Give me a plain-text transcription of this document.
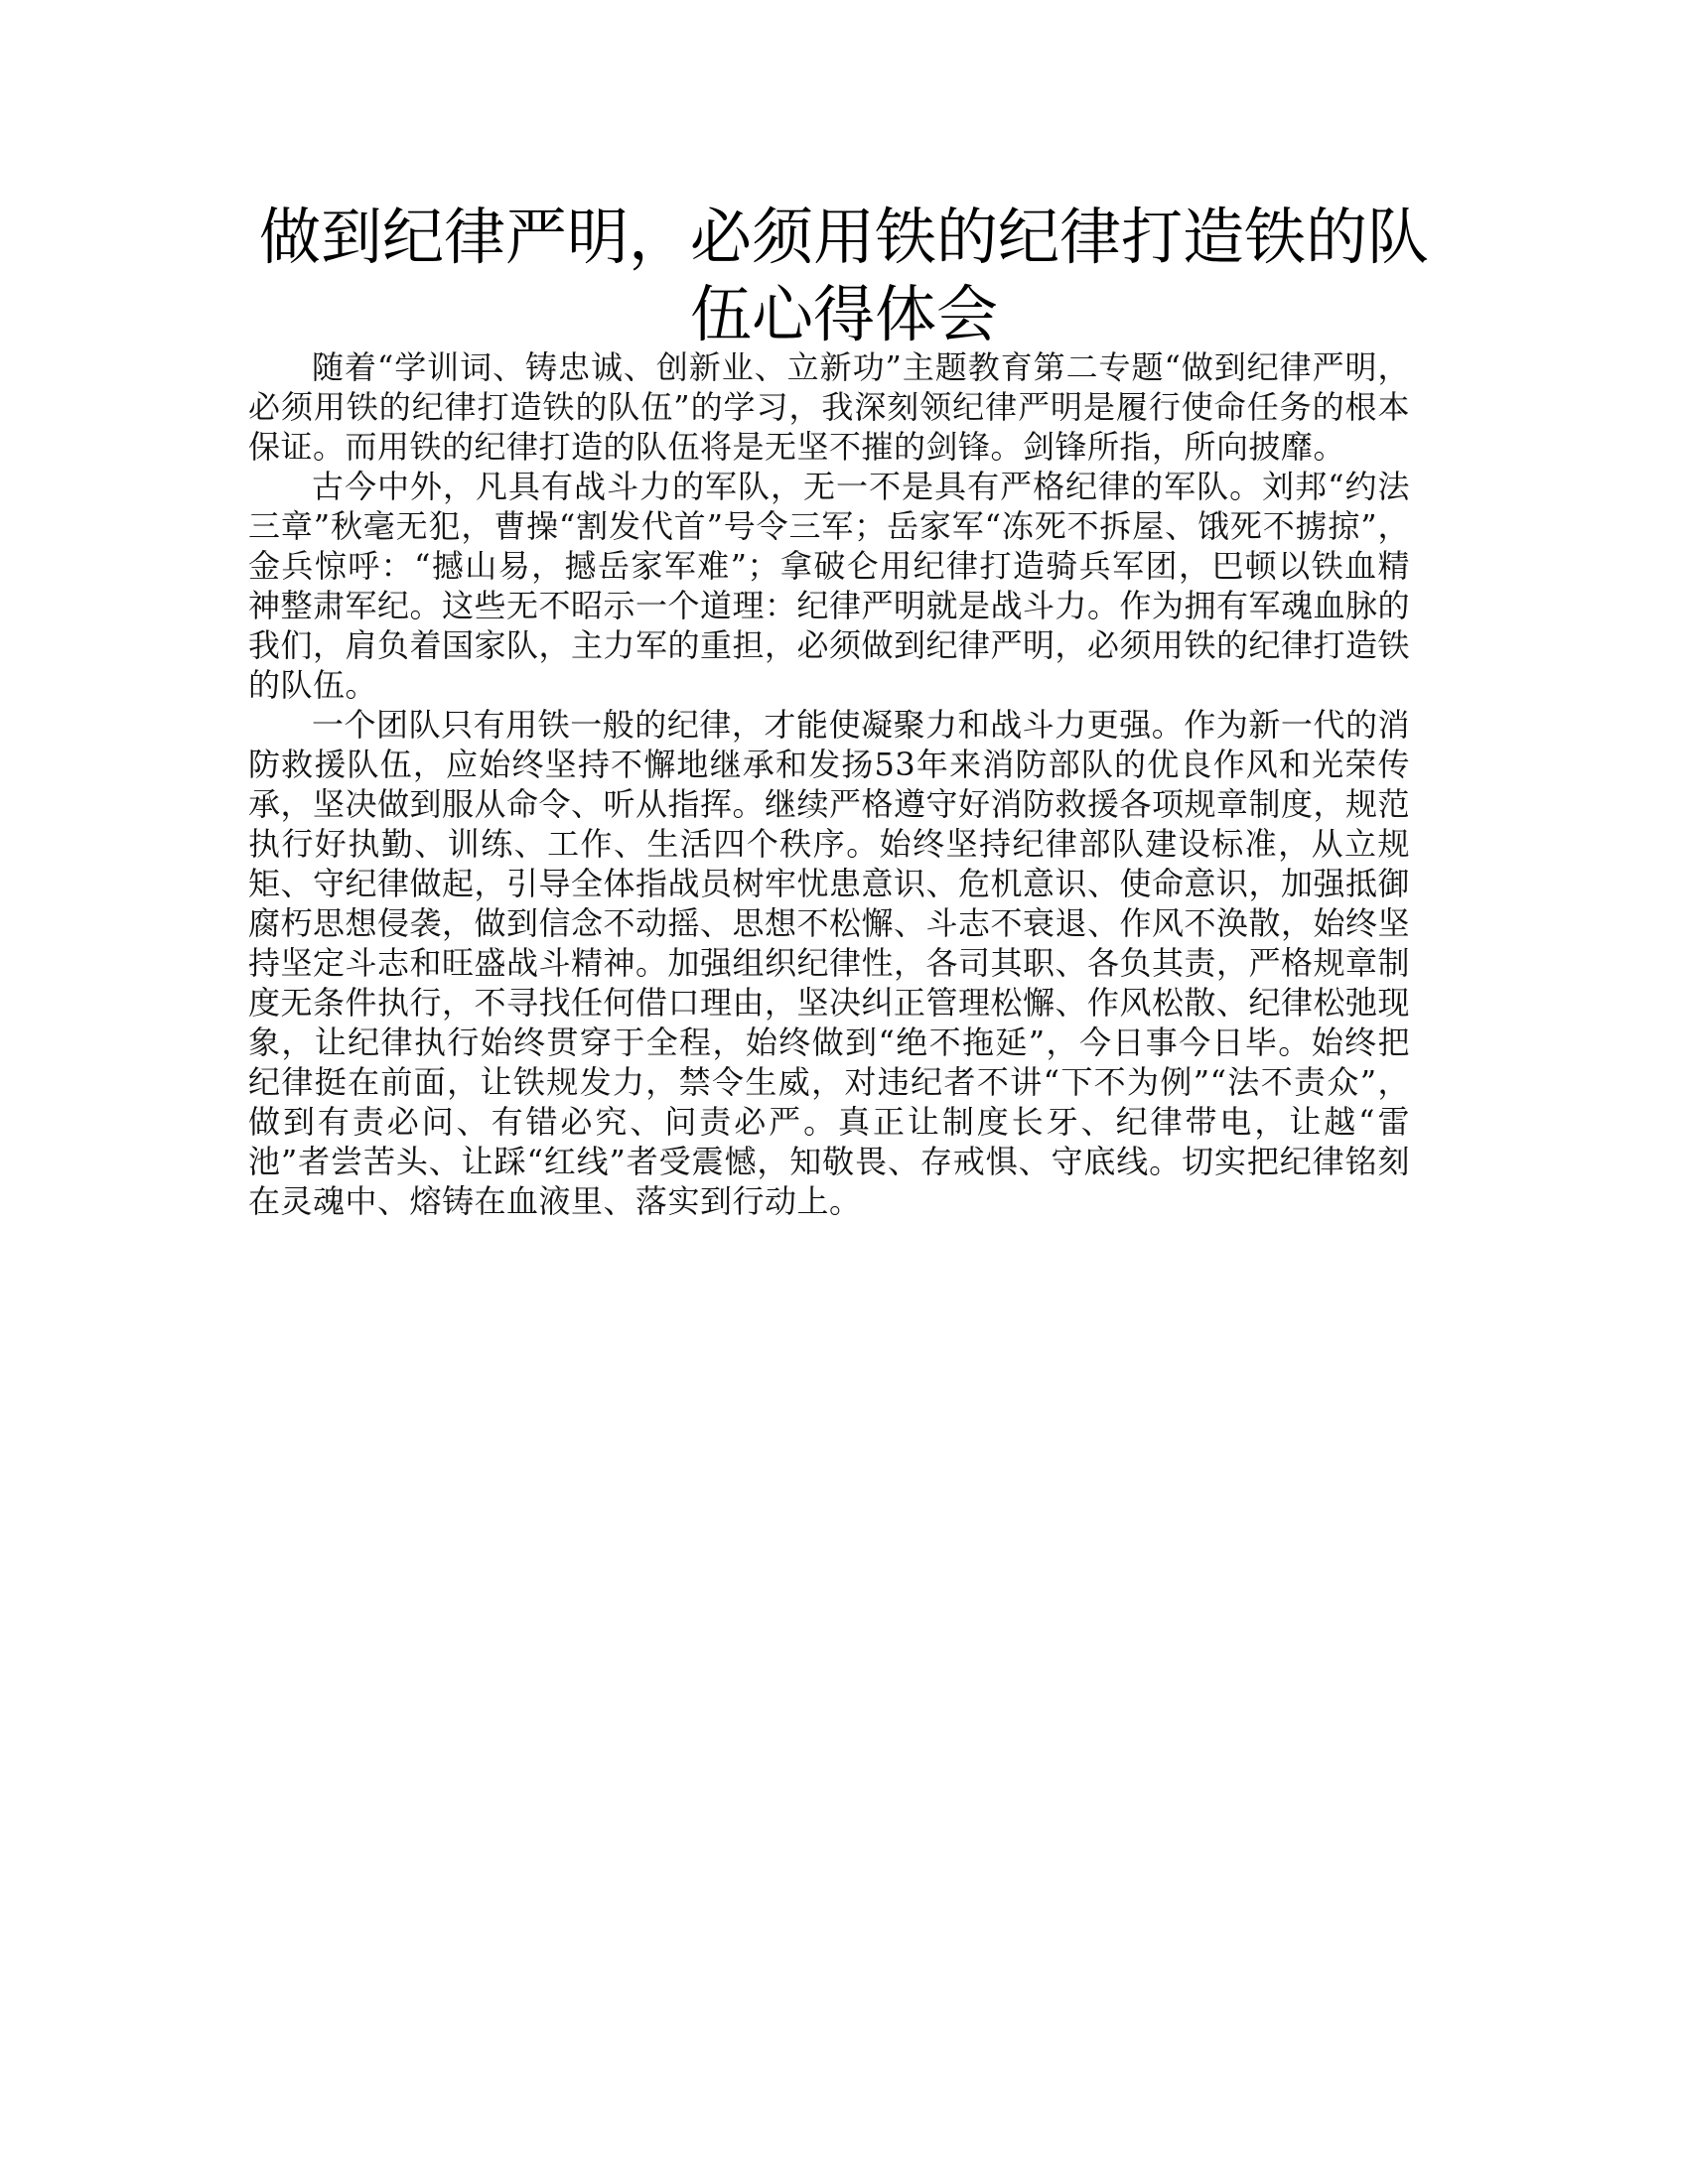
做到纪律严明，必须用铁的纪律打造铁的队
伍心得体会

随着“学训词、铸忠诚、创新业、立新功”主题教育第二专题“做到纪律严明，必须用铁的纪律打造铁的队伍”的学习，我深刻领纪律严明是履行使命任务的根本保证。而用铁的纪律打造的队伍将是无坚不摧的剑锋。剑锋所指，所向披靡。

古今中外，凡具有战斗力的军队，无一不是具有严格纪律的军队。刘邦“约法三章”秋毫无犯，曹操“割发代首”号令三军；岳家军“冻死不拆屋、饿死不掳掠”，金兵惊呼：“撼山易，撼岳家军难”；拿破仑用纪律打造骑兵军团，巴顿以铁血精神整肃军纪。这些无不昭示一个道理：纪律严明就是战斗力。作为拥有军魂血脉的我们，肩负着国家队，主力军的重担，必须做到纪律严明，必须用铁的纪律打造铁的队伍。

一个团队只有用铁一般的纪律，才能使凝聚力和战斗力更强。作为新一代的消防救援队伍，应始终坚持不懈地继承和发扬53年来消防部队的优良作风和光荣传承，坚决做到服从命令、听从指挥。继续严格遵守好消防救援各项规章制度，规范执行好执勤、训练、工作、生活四个秩序。始终坚持纪律部队建设标准，从立规矩、守纪律做起，引导全体指战员树牢忧患意识、危机意识、使命意识，加强抵御腐朽思想侵袭，做到信念不动摇、思想不松懈、斗志不衰退、作风不涣散，始终坚持坚定斗志和旺盛战斗精神。加强组织纪律性，各司其职、各负其责，严格规章制度无条件执行，不寻找任何借口理由，坚决纠正管理松懈、作风松散、纪律松弛现象，让纪律执行始终贯穿于全程，始终做到“绝不拖延”，今日事今日毕。始终把纪律挺在前面，让铁规发力，禁令生威，对违纪者不讲“下不为例”“法不责众”，做到有责必问、有错必究、问责必严。真正让制度长牙、纪律带电，让越“雷池”者尝苦头、让踩“红线”者受震憾，知敬畏、存戒惧、守底线。切实把纪律铭刻在灵魂中、熔铸在血液里、落实到行动上。
